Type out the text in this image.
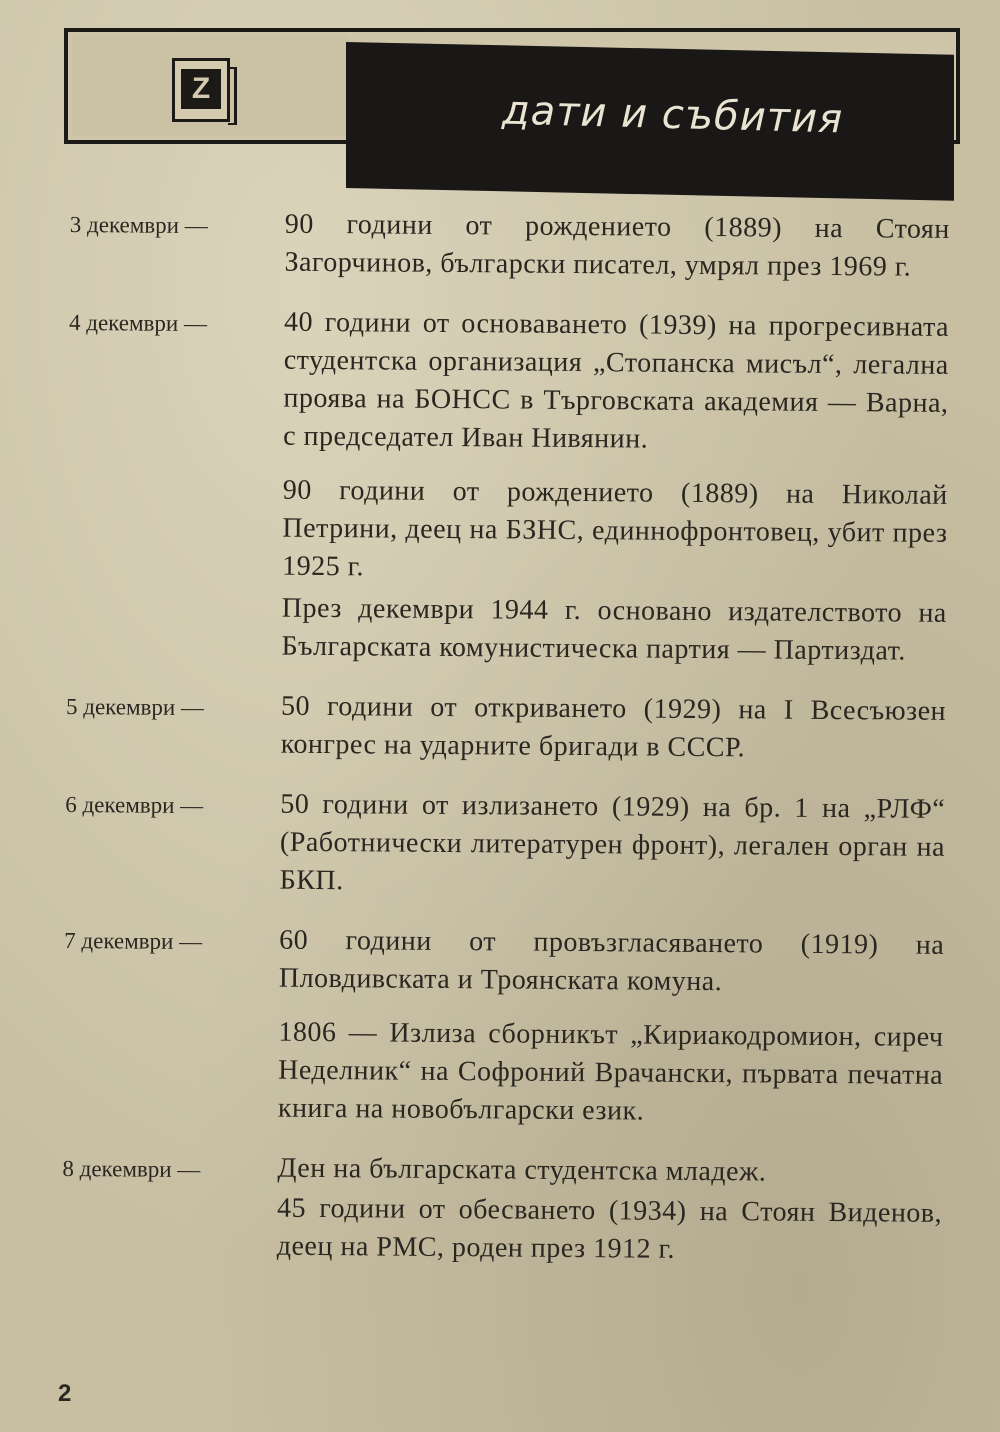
Z	дати и събития
3 декември —	90 години от рождението (1889) на Стоян Загорчинов, български писател, умрял през 1969 г.

4 декември —	40 години от основаването (1939) на прогресивната студентска организация „Стопанска мисъл“, легална проява на БОНСС в Търговската академия — Варна, с председател Иван Нивянин.

90 години от рождението (1889) на Николай Петрини, деец на БЗНС, единнофронтовец, убит през 1925 г.

През декември 1944 г. основано издателството на Българската комунистическа партия — Партиздат.

5 декември —	50 години от откриването (1929) на I Всесъюзен конгрес на ударните бригади в СССР.

6 декември —	50 години от излизането (1929) на бр. 1 на „РЛФ“ (Работнически литературен фронт), легален орган на БКП.

7 декември —	60 години от провъзгласяването (1919) на Пловдивската и Троянската комуна.

1806 — Излиза сборникът „Кириакодромион, сиреч Неделник“ на Софроний Врачански, първата печатна книга на новобългарски език.

8 декември —	Ден на българската студентска младеж.

45 години от обесването (1934) на Стоян Виденов, деец на РМС, роден през 1912 г.

2
